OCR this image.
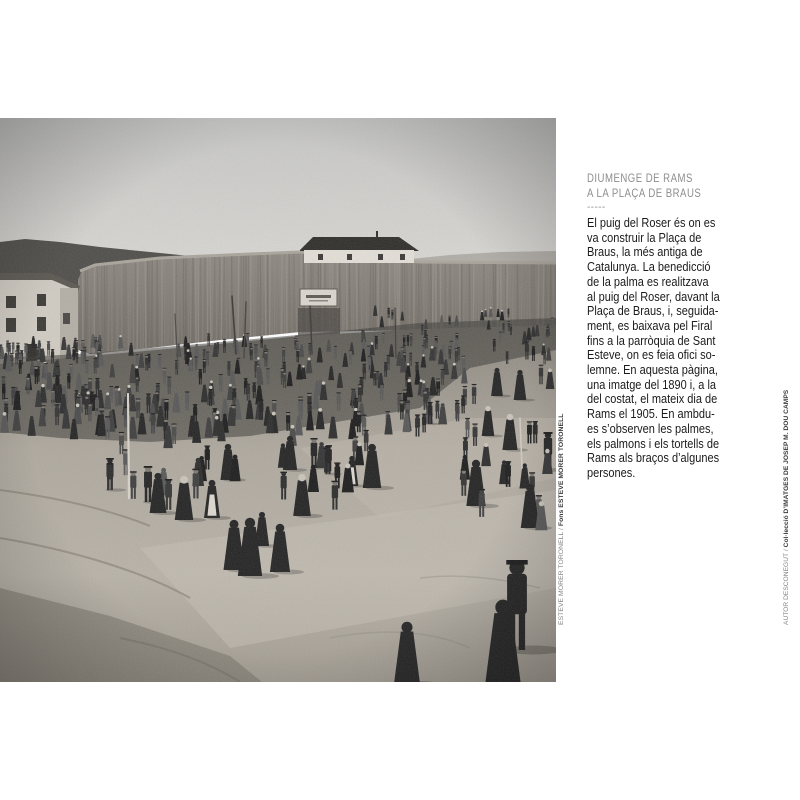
DIUMENGE DE RAMS
A LA PLAÇA DE BRAUS
-----
El puig del Roser és on es
va construir la Plaça de
Braus, la més antiga de
Catalunya. La benedicció
de la palma es realitzava
al puig del Roser, davant la
Plaça de Braus, i, seguida-
ment, es baixava pel Firal
fins a la parròquia de Sant
Esteve, on es feia ofici so-
lemne. En aquesta pàgina,
una imatge del 1890 i, a la
del costat, el mateix dia de
Rams el 1905. En ambdu-
es s’observen les palmes,
els palmons i els tortells de
Rams als braços d’algunes
persones.
ESTEVE MORER TORONELL / Fons ESTEVE MORER TORONELL
AUTOR DESCONEGUT / Col·lecció D’IMATGES DE JOSEP M. DOU CAMPS
